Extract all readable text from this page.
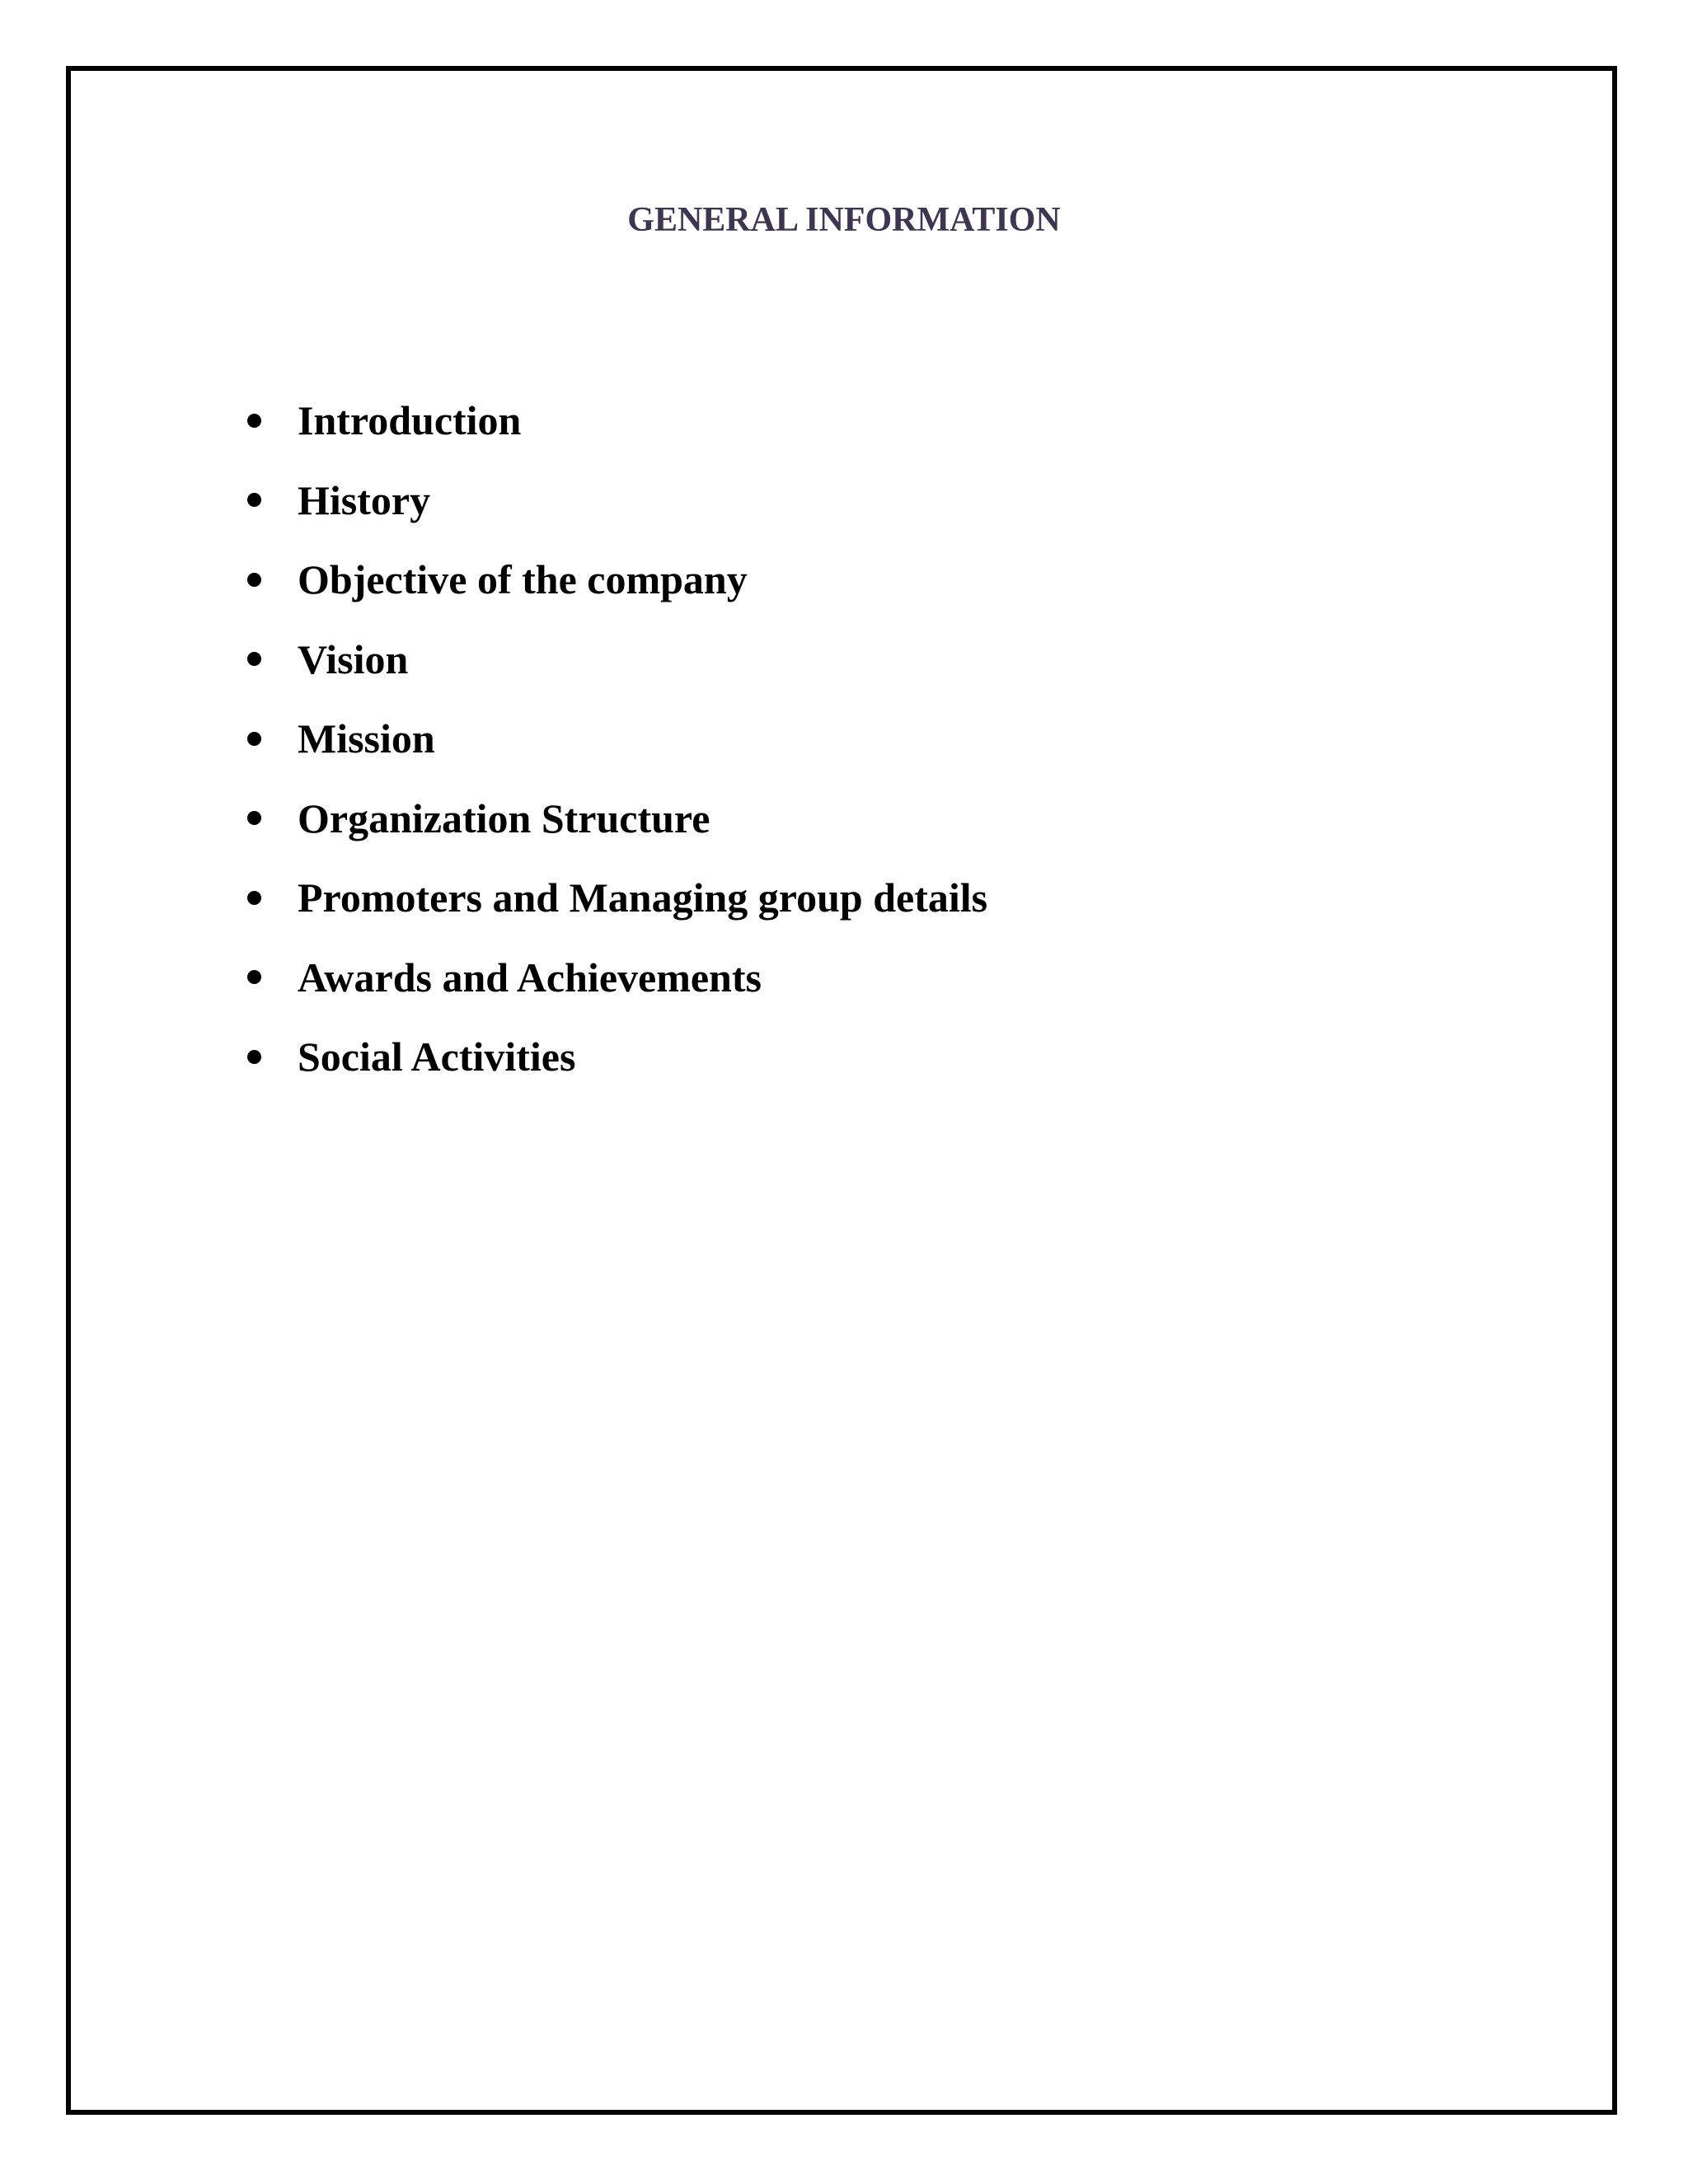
GENERAL INFORMATION
Introduction
History
Objective of the company
Vision
Mission
Organization Structure
Promoters and Managing group details
Awards and Achievements
Social Activities
